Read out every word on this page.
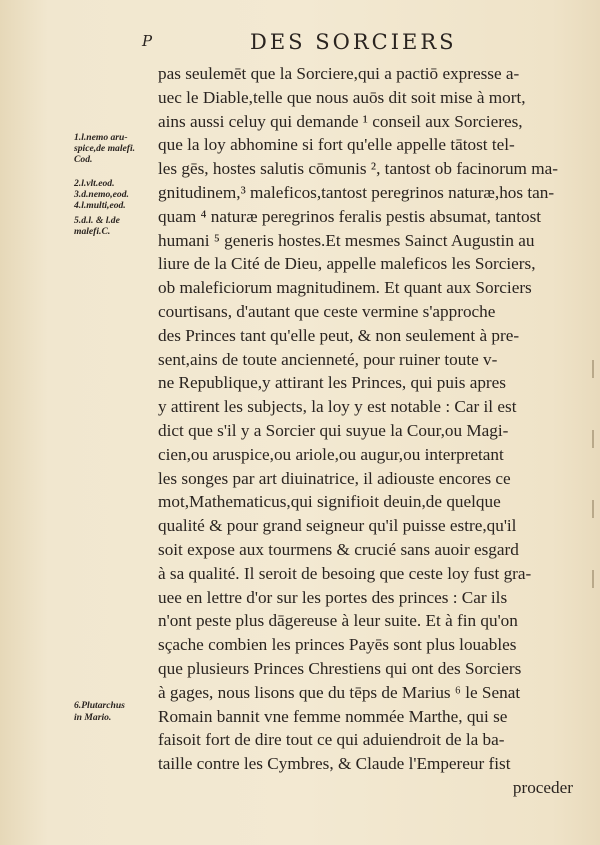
P	DES SORCIERS
1.l.nemo aru-
spice,de malefi.
Cod.
2.l.vlt.eod.
3.d.nemo,eod.
4.l.multi,eod.
5.d.l. & l.de
malefi.C.
6.Plutarchus
in Mario.
pas seulemēt que la Sorciere,qui a pactiō expresse a-
uec le Diable,telle que nous auōs dit soit mise à mort,
ains aussi celuy qui demande ¹ conseil aux Sorcieres,
que la loy abhomine si fort qu'elle appelle tātost tel-
les gēs, hostes salutis cōmunis ², tantost ob facinorum ma-
gnitudinem,³ maleficos,tantost peregrinos naturæ,hos tan-
quam ⁴ naturæ peregrinos feralis pestis absumat, tantost
humani ⁵ generis hostes.Et mesmes Sainct Augustin au
liure de la Cité de Dieu, appelle maleficos les Sorciers,
ob maleficiorum magnitudinem. Et quant aux Sorciers
courtisans, d'autant que ceste vermine s'approche
des Princes tant qu'elle peut, & non seulement à pre-
sent,ains de toute ancienneté, pour ruiner toute v-
ne Republique,y attirant les Princes, qui puis apres
y attirent les subjects, la loy y est notable : Car il est
dict que s'il y a Sorcier qui suyue la Cour,ou Magi-
cien,ou aruspice,ou ariole,ou augur,ou interpretant
les songes par art diuinatrice, il adiouste encores ce
mot,Mathematicus,qui signifioit deuin,de quelque
qualité & pour grand seigneur qu'il puisse estre,qu'il
soit expose aux tourmens & crucié sans auoir esgard
à sa qualité. Il seroit de besoing que ceste loy fust gra-
uee en lettre d'or sur les portes des princes : Car ils
n'ont peste plus dāgereuse à leur suite. Et à fin qu'on
sçache combien les princes Payēs sont plus louables
que plusieurs Princes Chrestiens qui ont des Sorciers
à gages, nous lisons que du tēps de Marius ⁶ le Senat
Romain bannit vne femme nommée Marthe, qui se
faisoit fort de dire tout ce qui aduiendroit de la ba-
taille contre les Cymbres, & Claude l'Empereur fist
proceder
